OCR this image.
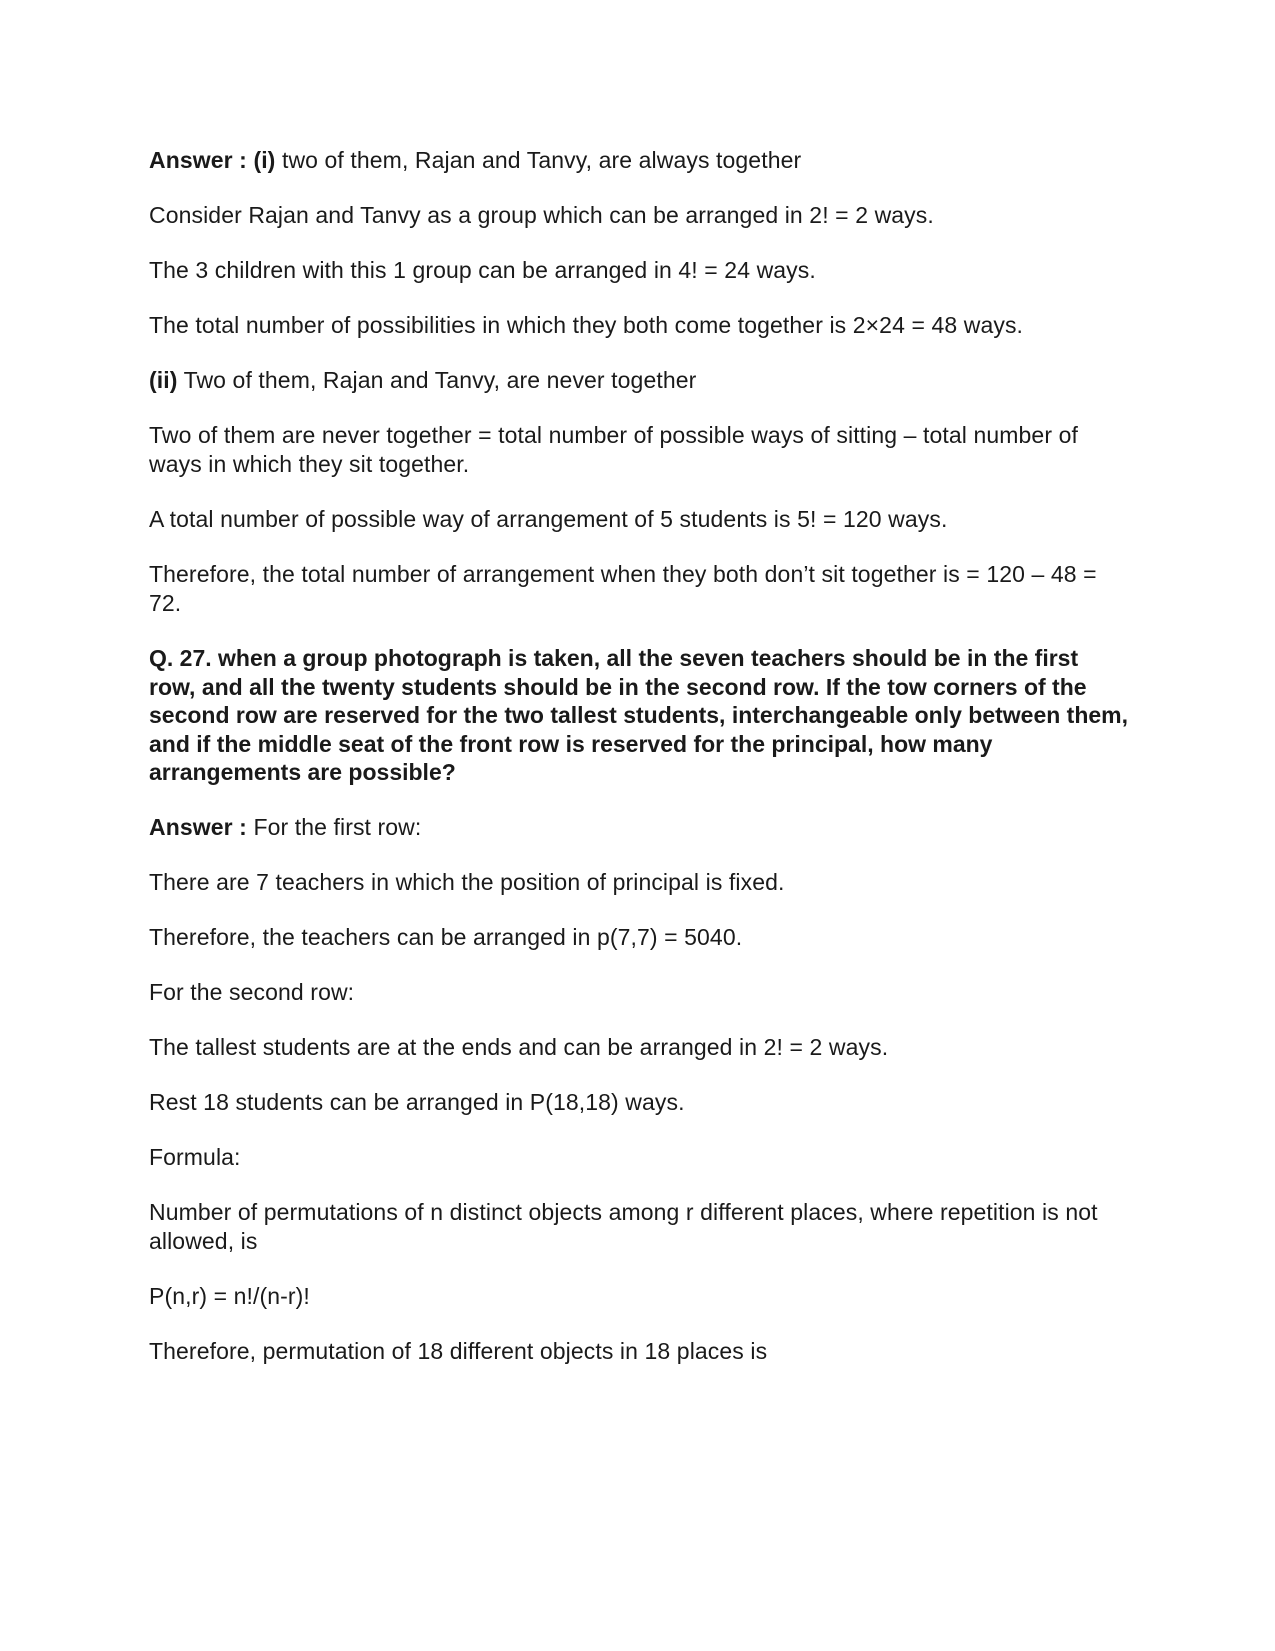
Answer : (i) two of them, Rajan and Tanvy, are always together

Consider Rajan and Tanvy as a group which can be arranged in 2! = 2 ways.

The 3 children with this 1 group can be arranged in 4! = 24 ways.

The total number of possibilities in which they both come together is 2×24 = 48 ways.

(ii) Two of them, Rajan and Tanvy, are never together

Two of them are never together = total number of possible ways of sitting – total number of ways in which they sit together.

A total number of possible way of arrangement of 5 students is 5! = 120 ways.

Therefore, the total number of arrangement when they both don’t sit together is = 120 – 48 = 72.

Q. 27. when a group photograph is taken, all the seven teachers should be in the first row, and all the twenty students should be in the second row. If the tow corners of the second row are reserved for the two tallest students, interchangeable only between them, and if the middle seat of the front row is reserved for the principal, how many arrangements are possible?

Answer : For the first row:

There are 7 teachers in which the position of principal is fixed.

Therefore, the teachers can be arranged in p(7,7) = 5040.

For the second row:

The tallest students are at the ends and can be arranged in 2! = 2 ways.

Rest 18 students can be arranged in P(18,18) ways.

Formula:

Number of permutations of n distinct objects among r different places, where repetition is not allowed, is

P(n,r) = n!/(n-r)!

Therefore, permutation of 18 different objects in 18 places is
